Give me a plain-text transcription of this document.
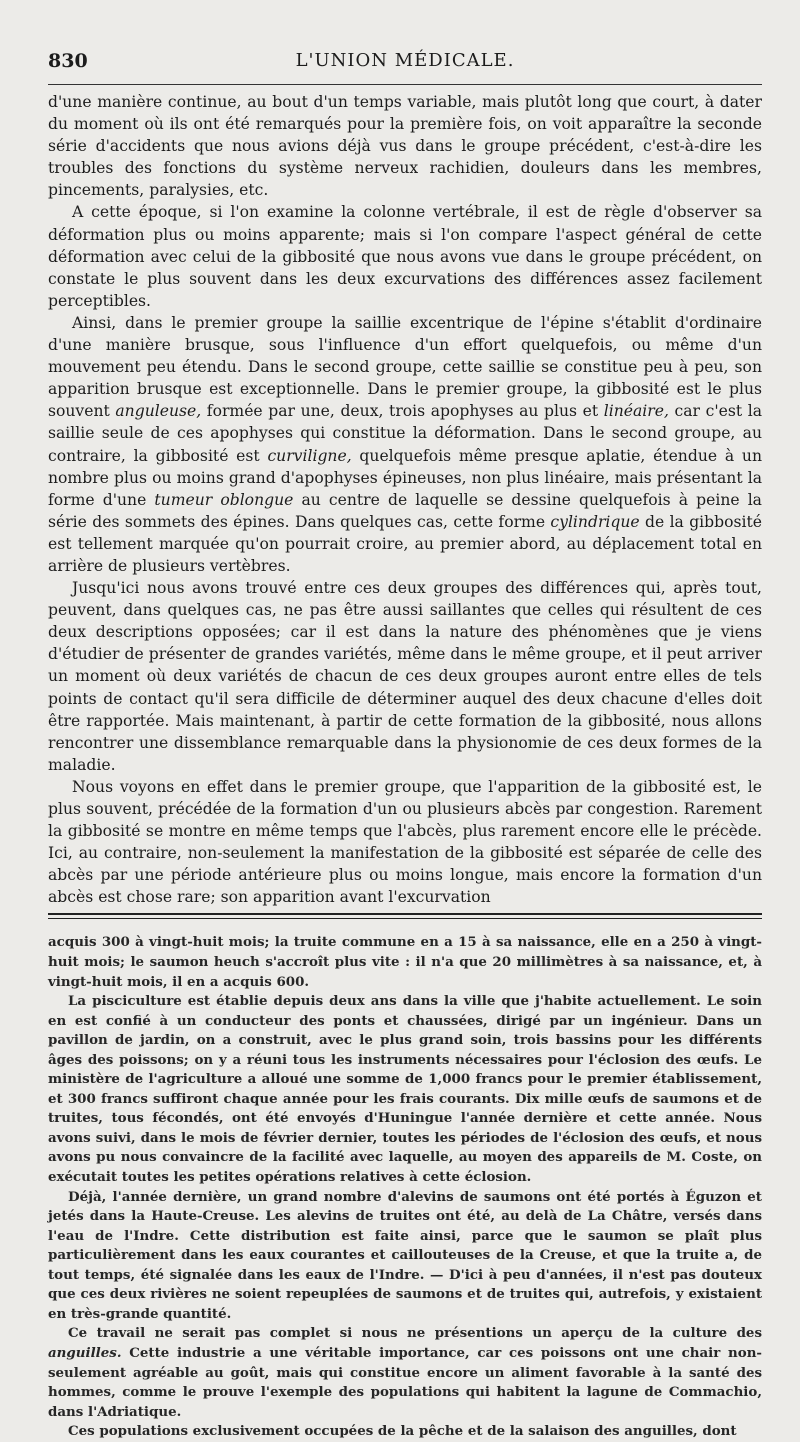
830	L'UNION MÉDICALE.

d'une manière continue, au bout d'un temps variable, mais plutôt long que court, à dater du moment où ils ont été remarqués pour la première fois, on voit apparaître la seconde série d'accidents que nous avions déjà vus dans le groupe précédent, c'est-à-dire les troubles des fonctions du système nerveux rachidien, douleurs dans les membres, pincements, paralysies, etc.

A cette époque, si l'on examine la colonne vertébrale, il est de règle d'observer sa déformation plus ou moins apparente; mais si l'on compare l'aspect général de cette déformation avec celui de la gibbosité que nous avons vue dans le groupe précédent, on constate le plus souvent dans les deux excurvations des différences assez facilement perceptibles.

Ainsi, dans le premier groupe la saillie excentrique de l'épine s'établit d'ordinaire d'une manière brusque, sous l'influence d'un effort quelquefois, ou même d'un mouvement peu étendu. Dans le second groupe, cette saillie se constitue peu à peu, son apparition brusque est exceptionnelle. Dans le premier groupe, la gibbosité est le plus souvent anguleuse, formée par une, deux, trois apophyses au plus et linéaire, car c'est la saillie seule de ces apophyses qui constitue la déformation. Dans le second groupe, au contraire, la gibbosité est curviligne, quelquefois même presque aplatie, étendue à un nombre plus ou moins grand d'apophyses épineuses, non plus linéaire, mais présentant la forme d'une tumeur oblongue au centre de laquelle se dessine quelquefois à peine la série des sommets des épines. Dans quelques cas, cette forme cylindrique de la gibbosité est tellement marquée qu'on pourrait croire, au premier abord, au déplacement total en arrière de plusieurs vertèbres.

Jusqu'ici nous avons trouvé entre ces deux groupes des différences qui, après tout, peuvent, dans quelques cas, ne pas être aussi saillantes que celles qui résultent de ces deux descriptions opposées; car il est dans la nature des phénomènes que je viens d'étudier de présenter de grandes variétés, même dans le même groupe, et il peut arriver un moment où deux variétés de chacun de ces deux groupes auront entre elles de tels points de contact qu'il sera difficile de déterminer auquel des deux chacune d'elles doit être rapportée. Mais maintenant, à partir de cette formation de la gibbosité, nous allons rencontrer une dissemblance remarquable dans la physionomie de ces deux formes de la maladie.

Nous voyons en effet dans le premier groupe, que l'apparition de la gibbosité est, le plus souvent, précédée de la formation d'un ou plusieurs abcès par congestion. Rarement la gibbosité se montre en même temps que l'abcès, plus rarement encore elle le précède. Ici, au contraire, non-seulement la manifestation de la gibbosité est séparée de celle des abcès par une période antérieure plus ou moins longue, mais encore la formation d'un abcès est chose rare; son apparition avant l'excurvation

acquis 300 à vingt-huit mois; la truite commune en a 15 à sa naissance, elle en a 250 à vingt-huit mois; le saumon heuch s'accroît plus vite : il n'a que 20 millimètres à sa naissance, et, à vingt-huit mois, il en a acquis 600.

La pisciculture est établie depuis deux ans dans la ville que j'habite actuellement. Le soin en est confié à un conducteur des ponts et chaussées, dirigé par un ingénieur. Dans un pavillon de jardin, on a construit, avec le plus grand soin, trois bassins pour les différents âges des poissons; on y a réuni tous les instruments nécessaires pour l'éclosion des œufs. Le ministère de l'agriculture a alloué une somme de 1,000 francs pour le premier établissement, et 300 francs suffiront chaque année pour les frais courants. Dix mille œufs de saumons et de truites, tous fécondés, ont été envoyés d'Huningue l'année dernière et cette année. Nous avons suivi, dans le mois de février dernier, toutes les périodes de l'éclosion des œufs, et nous avons pu nous convaincre de la facilité avec laquelle, au moyen des appareils de M. Coste, on exécutait toutes les petites opérations relatives à cette éclosion.

Déjà, l'année dernière, un grand nombre d'alevins de saumons ont été portés à Éguzon et jetés dans la Haute-Creuse. Les alevins de truites ont été, au delà de La Châtre, versés dans l'eau de l'Indre. Cette distribution est faite ainsi, parce que le saumon se plaît plus particulièrement dans les eaux courantes et caillouteuses de la Creuse, et que la truite a, de tout temps, été signalée dans les eaux de l'Indre. — D'ici à peu d'années, il n'est pas douteux que ces deux rivières ne soient repeuplées de saumons et de truites qui, autrefois, y existaient en très-grande quantité.

Ce travail ne serait pas complet si nous ne présentions un aperçu de la culture des anguilles. Cette industrie a une véritable importance, car ces poissons ont une chair non-seulement agréable au goût, mais qui constitue encore un aliment favorable à la santé des hommes, comme le prouve l'exemple des populations qui habitent la lagune de Commachio, dans l'Adriatique.

Ces populations exclusivement occupées de la pêche et de la salaison des anguilles, dont
